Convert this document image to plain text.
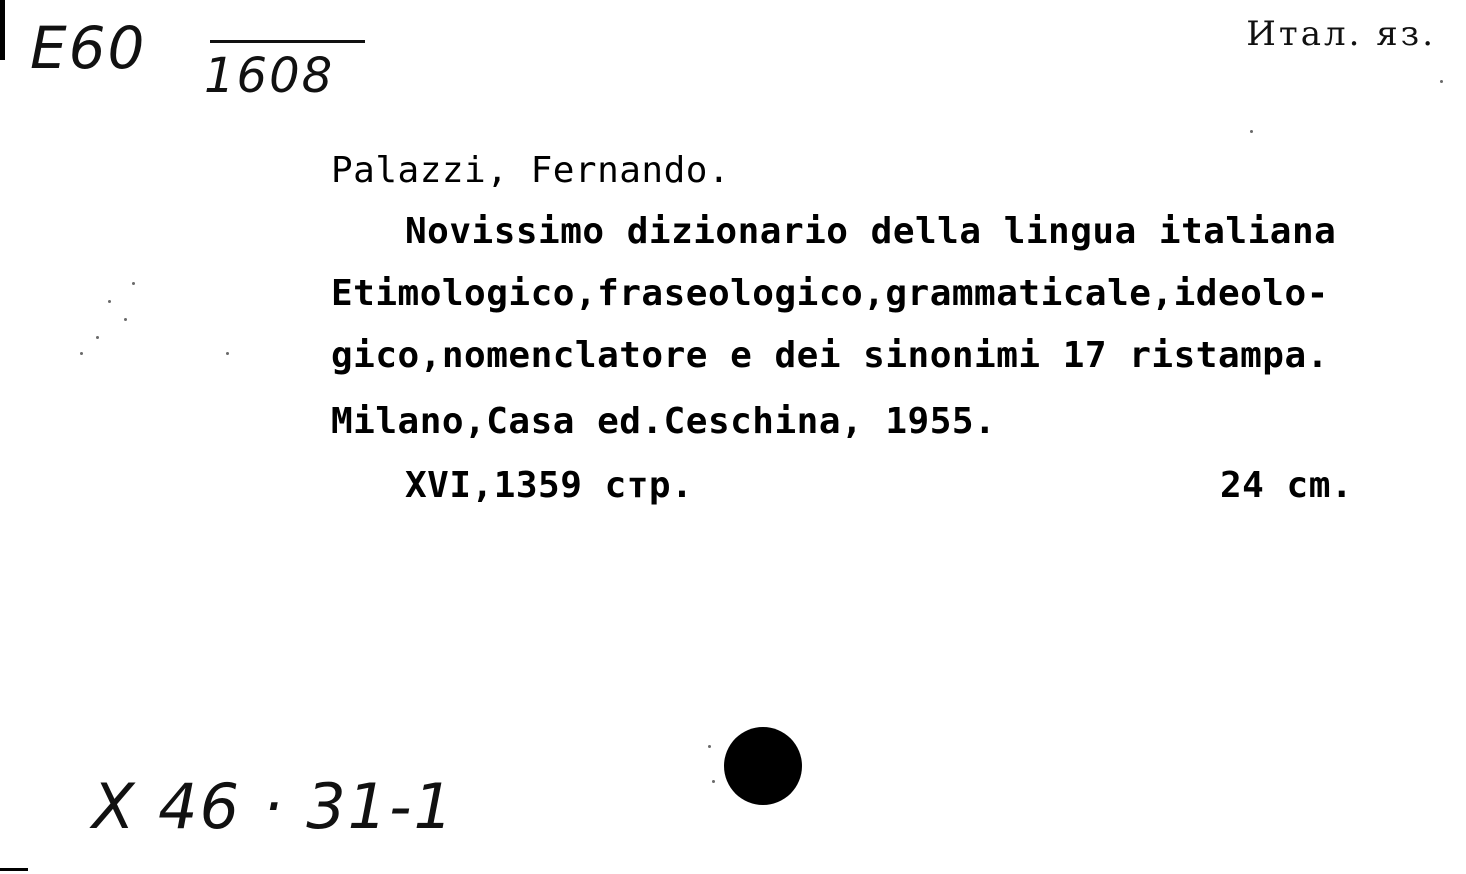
E60 1608
Итал. яз.
Palazzi, Fernando.
Novissimo dizionario della lingua italiana
Etimologico,fraseologico,grammaticale,ideolo-
gico,nomenclatore e dei sinonimi 17 ristampa.
Milano,Casa ed.Ceschina, 1955.
XVI,1359 стр.	24 cm.
X 46 · 31-1
